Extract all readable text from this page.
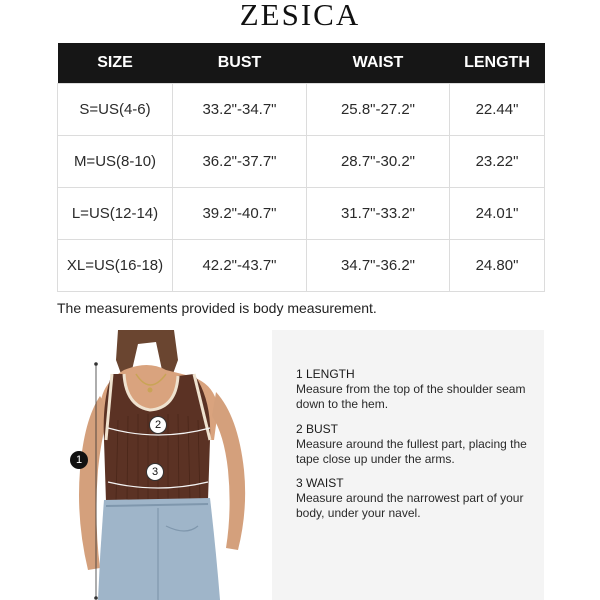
ZESICA
SIZE	BUST	WAIST	LENGTH
S=US(4-6)	33.2"-34.7"	25.8"-27.2"	22.44"
M=US(8-10)	36.2"-37.7"	28.7"-30.2"	23.22"
L=US(12-14)	39.2"-40.7"	31.7"-33.2"	24.01"
XL=US(16-18)	42.2"-43.7"	34.7"-36.2"	24.80"
The measurements provided is body measurement.
1
2
3
1 LENGTH
Measure from the top of the shoulder seam down to the hem.
2 BUST
Measure around the fullest part, placing the tape close up under the arms.
3 WAIST
Measure around the narrowest part of your body, under your navel.
